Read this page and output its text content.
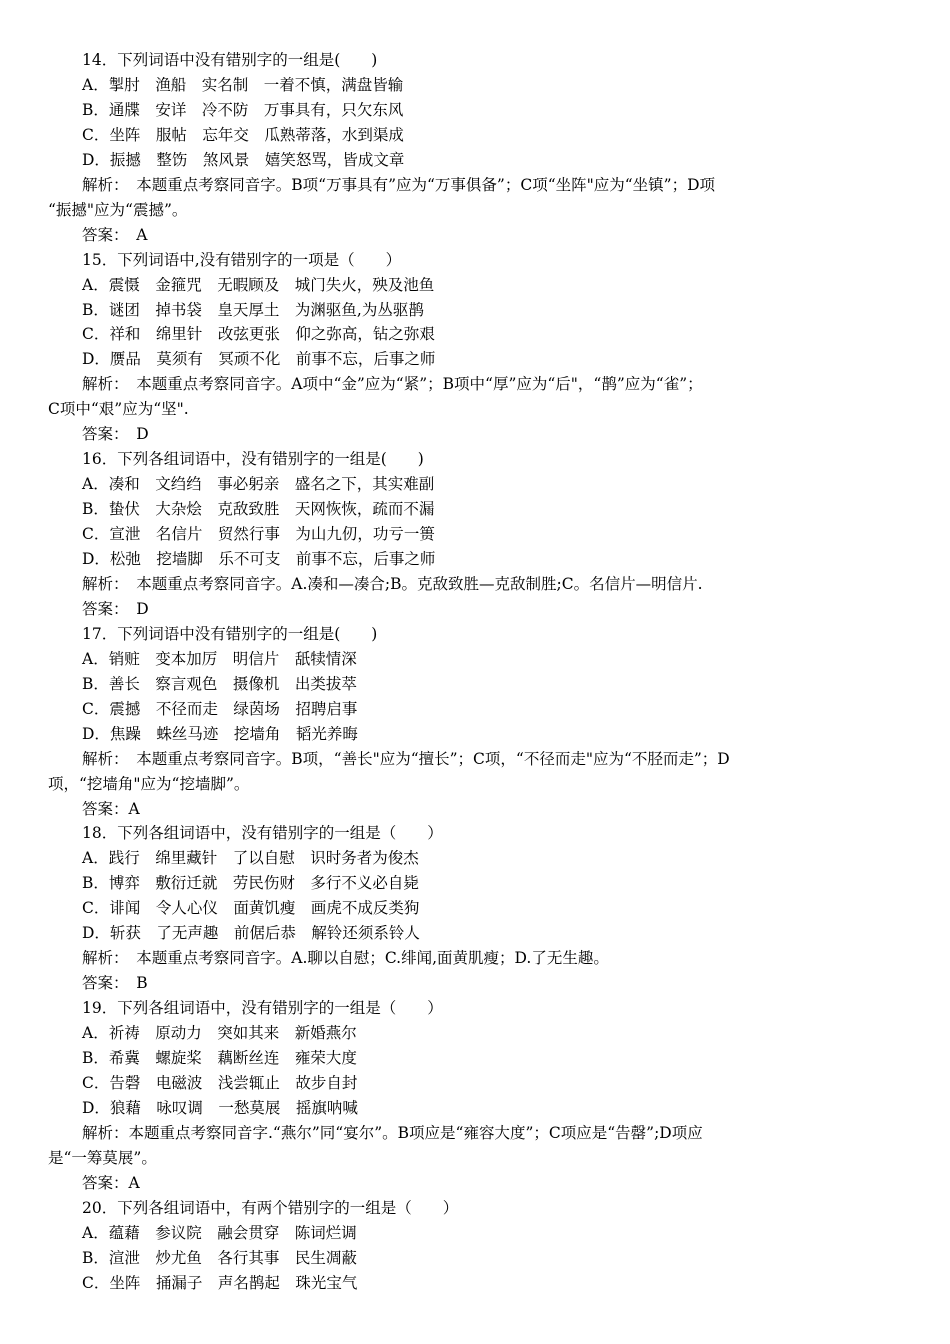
14．下列词语中没有错别字的一组是(　　)
A．掣肘　渔船　实名制　一着不慎，满盘皆输
B．通牒　安详　冷不防　万事具有，只欠东风
C．坐阵　服帖　忘年交　瓜熟蒂落，水到渠成
D．振撼　整饬　煞风景　嬉笑怒骂，皆成文章
解析：　本题重点考察同音字。B项“万事具有”应为“万事俱备”；C项“坐阵"应为“坐镇”；D项
“振撼"应为“震撼”。
答案：　A
15．下列词语中,没有错别字的一项是（　　）
A．震慑　金箍咒　无暇顾及　城门失火，殃及池鱼
B．谜团　掉书袋　皇天厚土　为渊驱鱼,为丛驱鹊
C．祥和　绵里针　改弦更张　仰之弥高，钻之弥艰
D．赝品　莫须有　冥顽不化　前事不忘，后事之师
解析：　本题重点考察同音字。A项中“金”应为“紧”；B项中“厚”应为“后"，“鹊”应为“雀”；
C项中“艰”应为“坚".
答案：　D
16．下列各组词语中，没有错别字的一组是(　　)
A．凑和　文绉绉　事必躬亲　盛名之下，其实难副
B．蛰伏　大杂烩　克敌致胜　天网恢恢，疏而不漏
C．宣泄　名信片　贸然行事　为山九仞，功亏一篑
D．松弛　挖墙脚　乐不可支　前事不忘，后事之师
解析：　本题重点考察同音字。A.凑和—凑合;B。克敌致胜—克敌制胜;C。名信片—明信片.
答案：　D
17．下列词语中没有错别字的一组是(　　)
A．销赃　变本加厉　明信片　舐犊情深
B．善长　察言观色　摄像机　出类拔萃
C．震撼　不径而走　绿茵场　招聘启事
D．焦躁　蛛丝马迹　挖墙角　韬光养晦
解析：　本题重点考察同音字。B项，“善长"应为“擅长”；C项，“不径而走"应为“不胫而走”；D
项，“挖墙角"应为“挖墙脚”。
答案：A
18．下列各组词语中，没有错别字的一组是（　　）
A．践行　绵里藏针　了以自慰　识时务者为俊杰
B．博弈　敷衍迁就　劳民伤财　多行不义必自毙
C．诽闻　令人心仪　面黄饥瘦　画虎不成反类狗
D．斩获　了无声趣　前倨后恭　解铃还须系铃人
解析：　本题重点考察同音字。A.聊以自慰；C.绯闻,面黄肌瘦；D.了无生趣。
答案：　B
19．下列各组词语中，没有错别字的一组是（　　）
A．祈祷　原动力　突如其来　新婚燕尔
B．希冀　螺旋桨　藕断丝连　雍荣大度
C．告磬　电磁波　浅尝辄止　故步自封
D．狼藉　咏叹调　一愁莫展　摇旗呐喊
解析：本题重点考察同音字.“燕尔”同“宴尔”。B项应是“雍容大度”；C项应是“告罄”;D项应
是“一筹莫展”。
答案：A
20．下列各组词语中，有两个错别字的一组是（　　）
A．蕴藉　参议院　融会贯穿　陈词烂调
B．渲泄　炒尤鱼　各行其事　民生凋蔽
C．坐阵　捅漏子　声名鹊起　珠光宝气
